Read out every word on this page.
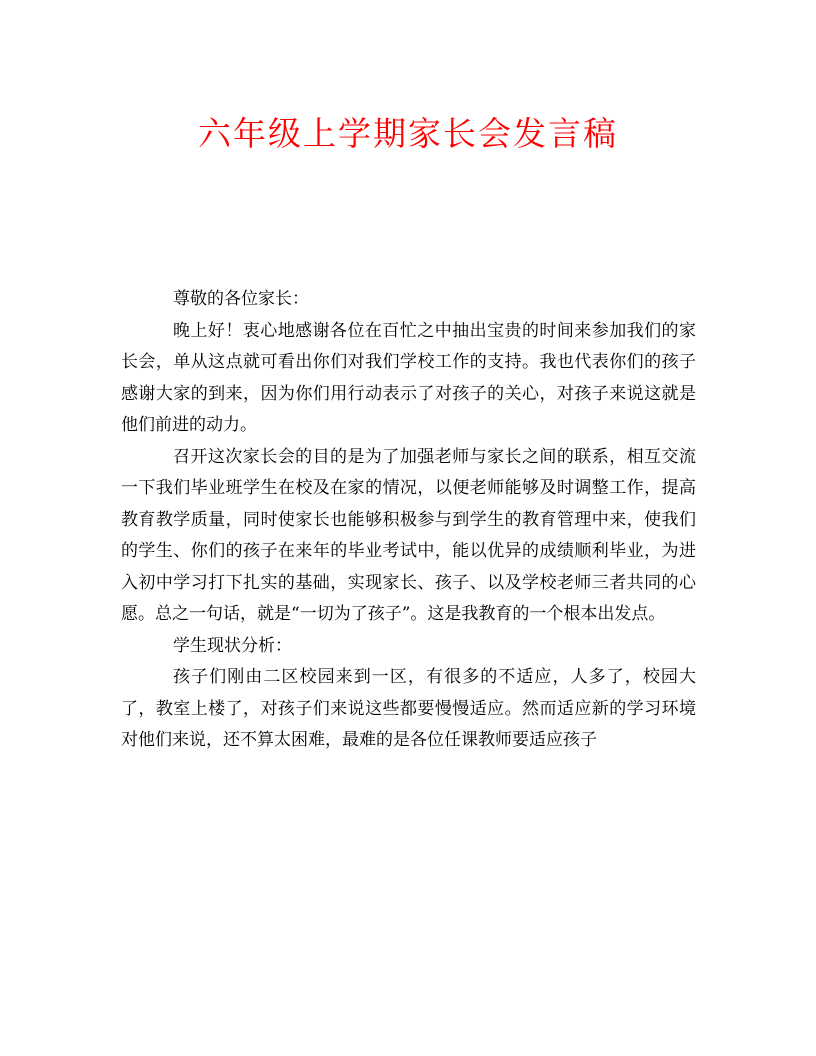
六年级上学期家长会发言稿

尊敬的各位家长：

晚上好！衷心地感谢各位在百忙之中抽出宝贵的时间来参加我们的家长会，单从这点就可看出你们对我们学校工作的支持。我也代表你们的孩子感谢大家的到来，因为你们用行动表示了对孩子的关心，对孩子来说这就是他们前进的动力。

召开这次家长会的目的是为了加强老师与家长之间的联系，相互交流一下我们毕业班学生在校及在家的情况，以便老师能够及时调整工作，提高教育教学质量，同时使家长也能够积极参与到学生的教育管理中来，使我们的学生、你们的孩子在来年的毕业考试中，能以优异的成绩顺利毕业，为进入初中学习打下扎实的基础，实现家长、孩子、以及学校老师三者共同的心愿。总之一句话，就是“一切为了孩子”。这是我教育的一个根本出发点。

学生现状分析：

孩子们刚由二区校园来到一区，有很多的不适应，人多了，校园大了，教室上楼了，对孩子们来说这些都要慢慢适应。然而适应新的学习环境对他们来说，还不算太困难，最难的是各位任课教师要适应孩子
